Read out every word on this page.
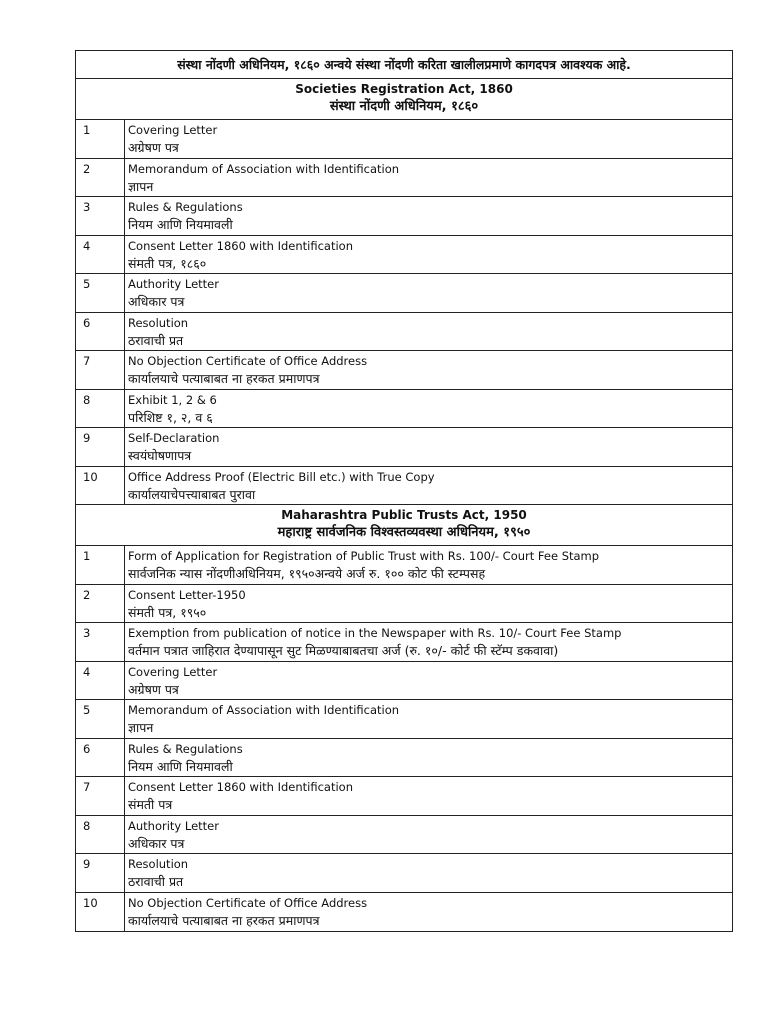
संस्था नोंदणी अधिनियम, १८६० अन्वये संस्था नोंदणी करिता खालीलप्रमाणे कागदपत्र आवश्यक आहे.
Societies Registration Act, 1860
संस्था नोंदणी अधिनियम, १८६०
1	Covering Letter
अग्रेषण पत्र
2	Memorandum of Association with Identification
ज्ञापन
3	Rules & Regulations
नियम आणि नियमावली
4	Consent Letter 1860 with Identification
संमती पत्र, १८६०
5	Authority Letter
अधिकार पत्र
6	Resolution
ठरावाची प्रत
7	No Objection Certificate of Office Address
कार्यालयाचे पत्याबाबत ना हरकत प्रमाणपत्र
8	Exhibit 1, 2 & 6
परिशिष्ट १, २, व ६
9	Self-Declaration
स्वयंघोषणापत्र
10	Office Address Proof (Electric Bill etc.) with True Copy
कार्यालयाचेपत्त्याबाबत पुरावा
Maharashtra Public Trusts Act, 1950
महाराष्ट्र सार्वजनिक विश्वस्तव्यवस्था अधिनियम, १९५०
1	Form of Application for Registration of Public Trust with Rs. 100/- Court Fee Stamp
सार्वजनिक न्यास नोंदणीअधिनियम, १९५०अन्वये अर्ज रु. १०० कोट फी स्टम्पसह
2	Consent Letter-1950
संमती पत्र, १९५०
3	Exemption from publication of notice in the Newspaper with Rs. 10/- Court Fee Stamp
वर्तमान पत्रात जाहिरात देण्यापासून सुट मिळण्याबाबतचा अर्ज (रु. १०/- कोर्ट फी स्टॅम्प डकवावा)
4	Covering Letter
अग्रेषण पत्र
5	Memorandum of Association with Identification
ज्ञापन
6	Rules & Regulations
नियम आणि नियमावली
7	Consent Letter 1860 with Identification
संमती पत्र
8	Authority Letter
अधिकार पत्र
9	Resolution
ठरावाची प्रत
10	No Objection Certificate of Office Address
कार्यालयाचे पत्याबाबत ना हरकत प्रमाणपत्र
